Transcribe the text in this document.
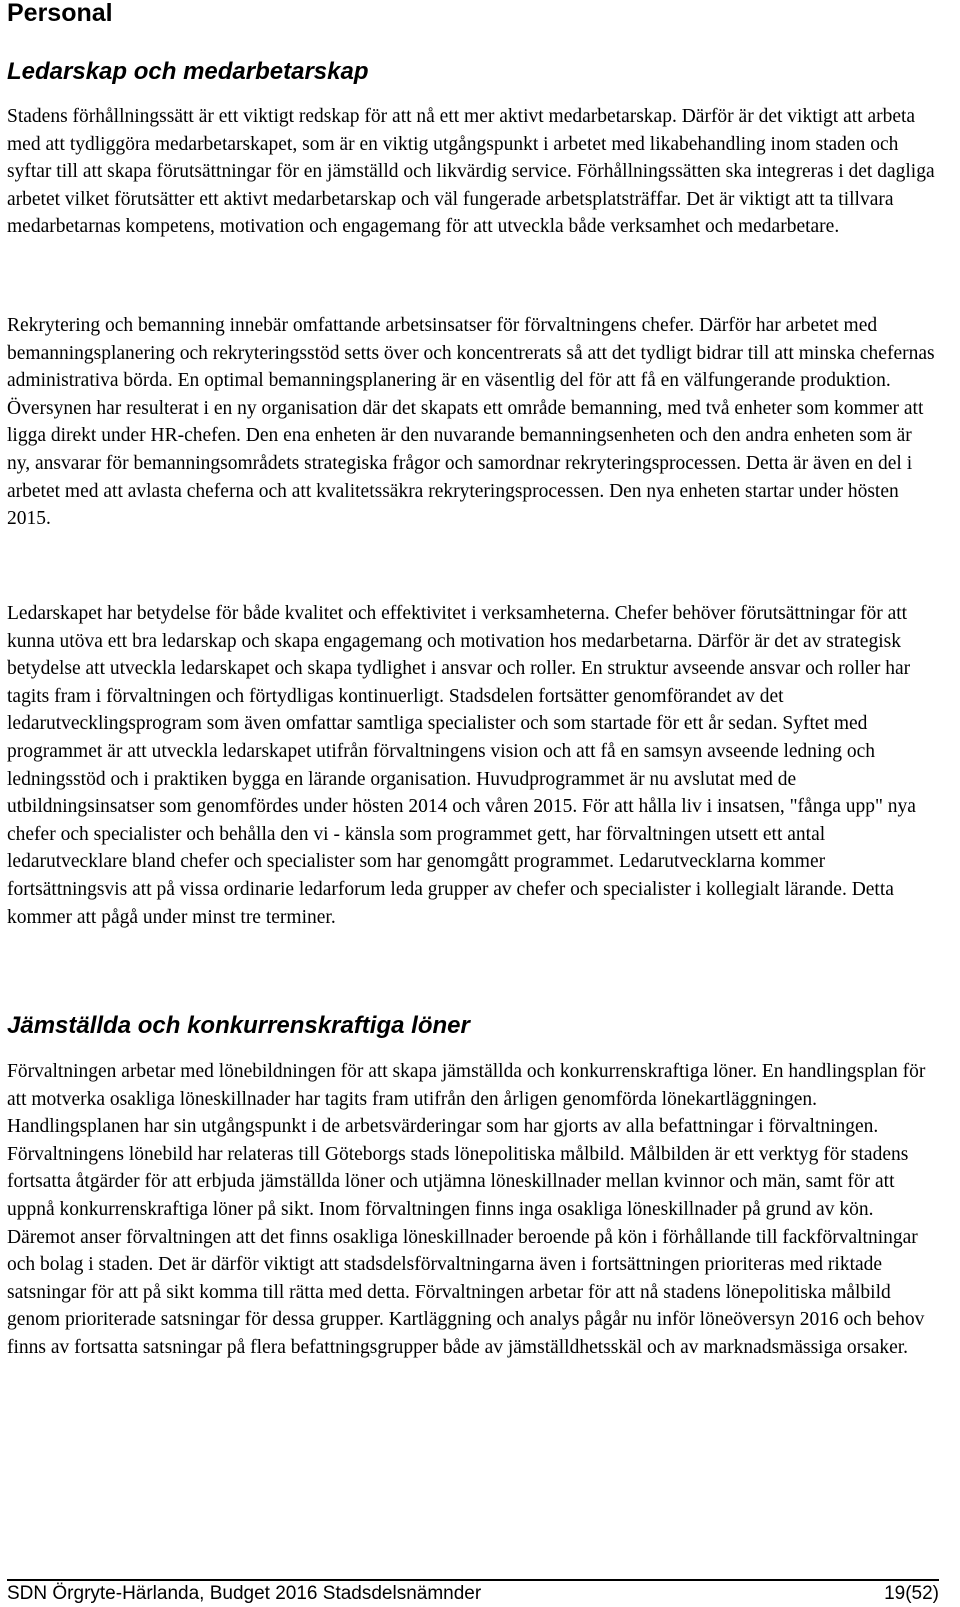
Personal
Ledarskap och medarbetarskap

Stadens förhållningssätt är ett viktigt redskap för att nå ett mer aktivt medarbetarskap. Därför är det viktigt att arbeta med att tydliggöra medarbetarskapet, som är en viktig utgångspunkt i arbetet med likabehandling inom staden och syftar till att skapa förutsättningar för en jämställd och likvärdig service. Förhållningssätten ska integreras i det dagliga arbetet vilket förutsätter ett aktivt medarbetarskap och väl fungerade arbetsplatsträffar. Det är viktigt att ta tillvara medarbetarnas kompetens, motivation och engagemang för att utveckla både verksamhet och medarbetare.

Rekrytering och bemanning innebär omfattande arbetsinsatser för förvaltningens chefer. Därför har arbetet med bemanningsplanering och rekryteringsstöd setts över och koncentrerats så att det tydligt bidrar till att minska chefernas administrativa börda. En optimal bemanningsplanering är en väsentlig del för att få en välfungerande produktion. Översynen har resulterat i en ny organisation där det skapats ett område bemanning, med två enheter som kommer att ligga direkt under HR-chefen. Den ena enheten är den nuvarande bemanningsenheten och den andra enheten som är ny, ansvarar för bemanningsområdets strategiska frågor och samordnar rekryteringsprocessen. Detta är även en del i arbetet med att avlasta cheferna och att kvalitetssäkra rekryteringsprocessen. Den nya enheten startar under hösten 2015.

Ledarskapet har betydelse för både kvalitet och effektivitet i verksamheterna. Chefer behöver förutsättningar för att kunna utöva ett bra ledarskap och skapa engagemang och motivation hos medarbetarna. Därför är det av strategisk betydelse att utveckla ledarskapet och skapa tydlighet i ansvar och roller. En struktur avseende ansvar och roller har tagits fram i förvaltningen och förtydligas kontinuerligt. Stadsdelen fortsätter genomförandet av det ledarutvecklingsprogram som även omfattar samtliga specialister och som startade för ett år sedan. Syftet med programmet är att utveckla ledarskapet utifrån förvaltningens vision och att få en samsyn avseende ledning och ledningsstöd och i praktiken bygga en lärande organisation. Huvudprogrammet är nu avslutat med de utbildningsinsatser som genomfördes under hösten 2014 och våren 2015. För att hålla liv i insatsen, "fånga upp" nya chefer och specialister och behålla den vi - känsla som programmet gett, har förvaltningen utsett ett antal ledarutvecklare bland chefer och specialister som har genomgått programmet. Ledarutvecklarna kommer fortsättningsvis att på vissa ordinarie ledarforum leda grupper av chefer och specialister i kollegialt lärande. Detta kommer att pågå under minst tre terminer.

Jämställda och konkurrenskraftiga löner

Förvaltningen arbetar med lönebildningen för att skapa jämställda och konkurrenskraftiga löner. En handlingsplan för att motverka osakliga löneskillnader har tagits fram utifrån den årligen genomförda lönekartläggningen. Handlingsplanen har sin utgångspunkt i de arbetsvärderingar som har gjorts av alla befattningar i förvaltningen. Förvaltningens lönebild har relateras till Göteborgs stads lönepolitiska målbild. Målbilden är ett verktyg för stadens fortsatta åtgärder för att erbjuda jämställda löner och utjämna löneskillnader mellan kvinnor och män, samt för att uppnå konkurrenskraftiga löner på sikt. Inom förvaltningen finns inga osakliga löneskillnader på grund av kön. Däremot anser förvaltningen att det finns osakliga löneskillnader beroende på kön i förhållande till fackförvaltningar och bolag i staden. Det är därför viktigt att stadsdelsförvaltningarna även i fortsättningen prioriteras med riktade satsningar för att på sikt komma till rätta med detta. Förvaltningen arbetar för att nå stadens lönepolitiska målbild genom prioriterade satsningar för dessa grupper. Kartläggning och analys pågår nu inför löneöversyn 2016 och behov finns av fortsatta satsningar på flera befattningsgrupper både av jämställdhetsskäl och av marknadsmässiga orsaker.

SDN Örgryte-Härlanda, Budget 2016 Stadsdelsnämnder	19(52)
